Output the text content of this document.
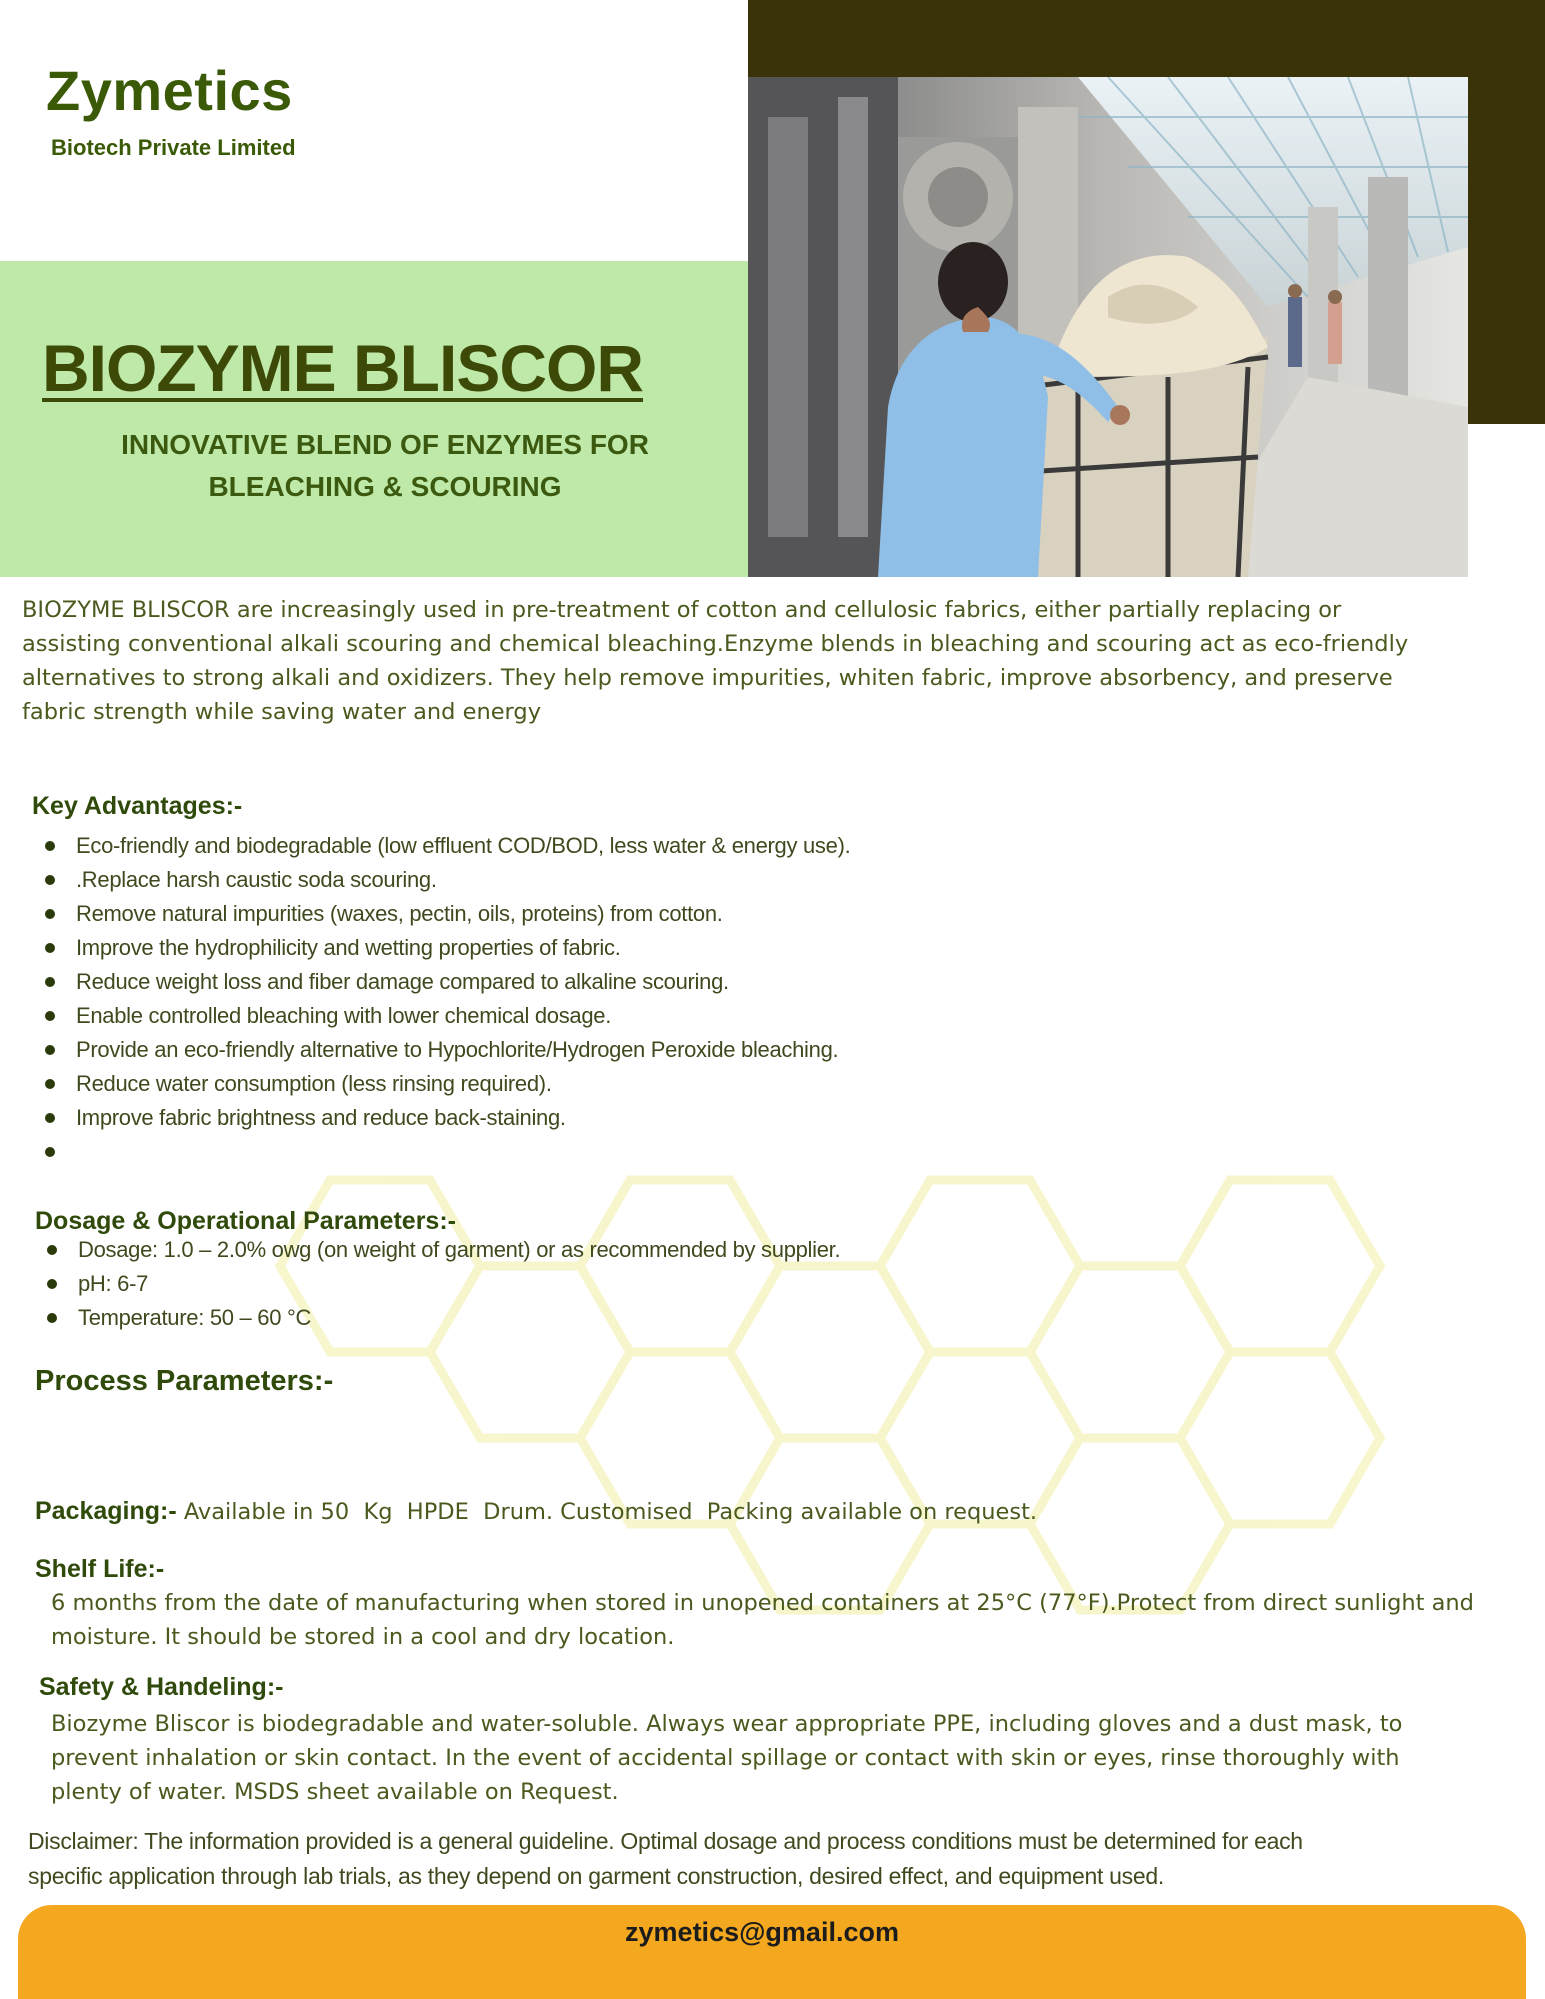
Zymetics
Biotech Private Limited
BIOZYME BLISCOR
INNOVATIVE BLEND OF ENZYMES FOR
BLEACHING & SCOURING
BIOZYME BLISCOR are increasingly used in pre-treatment of cotton and cellulosic fabrics, either partially replacing or
assisting conventional alkali scouring and chemical bleaching.Enzyme blends in bleaching and scouring act as eco-friendly
alternatives to strong alkali and oxidizers. They help remove impurities, whiten fabric, improve absorbency, and preserve
fabric strength while saving water and energy
Key Advantages:-
Eco-friendly and biodegradable (low effluent COD/BOD, less water & energy use).
.Replace harsh caustic soda scouring.
Remove natural impurities (waxes, pectin, oils, proteins) from cotton.
Improve the hydrophilicity and wetting properties of fabric.
Reduce weight loss and fiber damage compared to alkaline scouring.
Enable controlled bleaching with lower chemical dosage.
Provide an eco-friendly alternative to Hypochlorite/Hydrogen Peroxide bleaching.
Reduce water consumption (less rinsing required).
Improve fabric brightness and reduce back-staining.
Dosage & Operational Parameters:-
Dosage: 1.0 – 2.0% owg (on weight of garment) or as recommended by supplier.
pH: 6-7
Temperature: 50 – 60 °C
Process Parameters:-
Packaging:- Available in 50  Kg  HPDE  Drum. Customised  Packing available on request.
Shelf Life:-
6 months from the date of manufacturing when stored in unopened containers at 25°C (77°F).Protect from direct sunlight and
moisture. It should be stored in a cool and dry location.
Safety & Handeling:-
Biozyme Bliscor is biodegradable and water-soluble. Always wear appropriate PPE, including gloves and a dust mask, to
prevent inhalation or skin contact. In the event of accidental spillage or contact with skin or eyes, rinse thoroughly with
plenty of water. MSDS sheet available on Request.
Disclaimer: The information provided is a general guideline. Optimal dosage and process conditions must be determined for each
specific application through lab trials, as they depend on garment construction, desired effect, and equipment used.
zymetics@gmail.com
